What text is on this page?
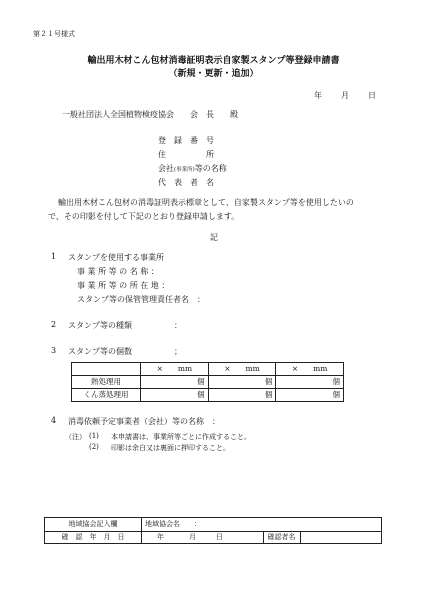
第２１号様式
輸出用木材こん包材消毒証明表示自家製スタンプ等登録申請書
（新規・更新・追加）
年 月 日
一般社団法人全国植物検疫協会　　会　長　　殿
登　録　番　号
住　　　　　所
会社(事業所)等の名称
代　表　者　名
輸出用木材こん包材の消毒証明表示標章として、自家製スタンプ等を使用したいの
で、その印影を付して下記のとおり登録申請します。
記
1 スタンプを使用する事業所
事 業 所 等 の 名 称 ：
事 業 所 等 の 所 在 地 ：
スタンプ等の保管管理責任者名　：
2 スタンプ等の種類	：
3 スタンプ等の個数	；
	×　　mm	×　　mm	×　　mm
熱処理用	個	個	個
くん蒸処理用	個	個	個
4 消毒依頼予定事業者（会社）等の名称　：
（注） (1) 本申請書は、事業所等ごとに作成すること。
(2) 印影は余白又は裏面に押印すること。
地域協会記入欄	地域協会名　　：
確　認　年　月　日	年	月	日	確認者名
